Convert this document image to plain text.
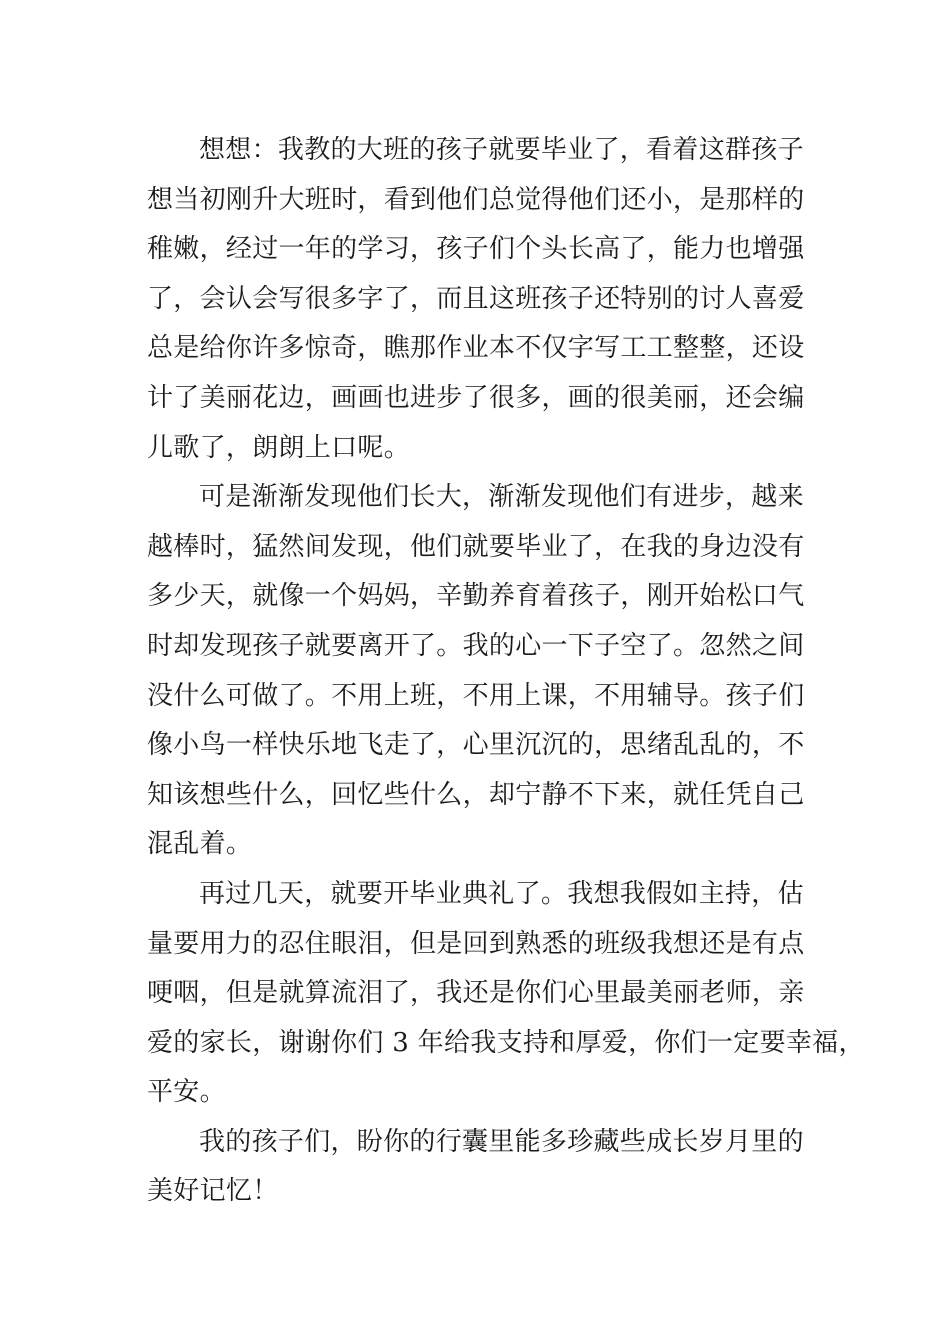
想想：我教的大班的孩子就要毕业了，看着这群孩子
想当初刚升大班时，看到他们总觉得他们还小，是那样的
稚嫩，经过一年的学习，孩子们个头长高了，能力也增强
了，会认会写很多字了，而且这班孩子还特别的讨人喜爱
总是给你许多惊奇，瞧那作业本不仅字写工工整整，还设
计了美丽花边，画画也进步了很多，画的很美丽，还会编
儿歌了，朗朗上口呢。
可是渐渐发现他们长大，渐渐发现他们有进步，越来
越棒时，猛然间发现，他们就要毕业了，在我的身边没有
多少天，就像一个妈妈，辛勤养育着孩子，刚开始松口气
时却发现孩子就要离开了。我的心一下子空了。忽然之间
没什么可做了。不用上班，不用上课，不用辅导。孩子们
像小鸟一样快乐地飞走了，心里沉沉的，思绪乱乱的，不
知该想些什么，回忆些什么，却宁静不下来，就任凭自己
混乱着。
再过几天，就要开毕业典礼了。我想我假如主持，估
量要用力的忍住眼泪，但是回到熟悉的班级我想还是有点
哽咽，但是就算流泪了，我还是你们心里最美丽老师，亲
爱的家长，谢谢你们 3 年给我支持和厚爱，你们一定要幸福，
平安。
我的孩子们，盼你的行囊里能多珍藏些成长岁月里的
美好记忆！
